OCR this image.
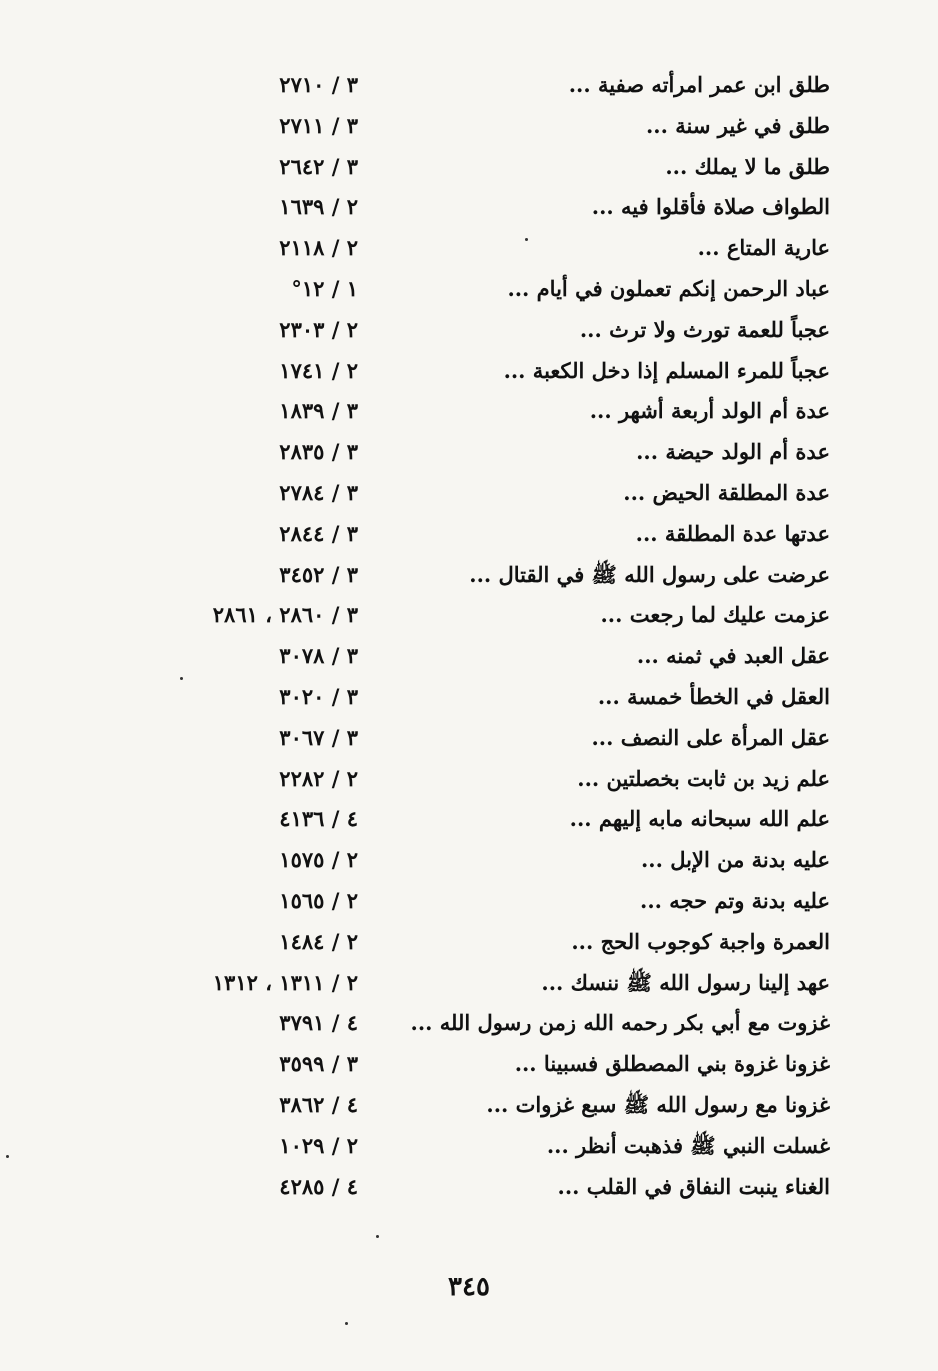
طلق ابن عمر امرأته صفية ...
٣ / ٢٧١٠
طلق في غير سنة ...
٣ / ٢٧١١
طلق ما لا يملك ...
٣ / ٢٦٤٢
الطواف صلاة فأقلوا فيه ...
٢ / ١٦٣٩
عارية المتاع ...
٢ / ٢١١٨
عباد الرحمن إنكم تعملون في أيام ...
١ / ١٢°
عجباً للعمة تورث ولا ترث ...
٢ / ٢٣٠٣
عجباً للمرء المسلم إذا دخل الكعبة ...
٢ / ١٧٤١
عدة أم الولد أربعة أشهر ...
٣ / ١٨٣٩
عدة أم الولد حيضة ...
٣ / ٢٨٣٥
عدة المطلقة الحيض ...
٣ / ٢٧٨٤
عدتها عدة المطلقة ...
٣ / ٢٨٤٤
عرضت على رسول الله ﷺ في القتال ...
٣ / ٣٤٥٢
عزمت عليك لما رجعت ...
٣ / ٢٨٦٠ ، ٢٨٦١
عقل العبد في ثمنه ...
٣ / ٣٠٧٨
العقل في الخطأ خمسة ...
٣ / ٣٠٢٠
عقل المرأة على النصف ...
٣ / ٣٠٦٧
علم زيد بن ثابت بخصلتين ...
٢ / ٢٢٨٢
علم الله سبحانه مابه إليهم ...
٤ / ٤١٣٦
عليه بدنة من الإبل ...
٢ / ١٥٧٥
عليه بدنة وتم حجه ...
٢ / ١٥٦٥
العمرة واجبة كوجوب الحج ...
٢ / ١٤٨٤
عهد إلينا رسول الله ﷺ ننسك ...
٢ / ١٣١١ ، ١٣١٢
غزوت مع أبي بكر رحمه الله زمن رسول الله ...
٤ / ٣٧٩١
غزونا غزوة بني المصطلق فسبينا ...
٣ / ٣٥٩٩
غزونا مع رسول الله ﷺ سبع غزوات ...
٤ / ٣٨٦٢
غسلت النبي ﷺ فذهبت أنظر ...
٢ / ١٠٢٩
الغناء ينبت النفاق في القلب ...
٤ / ٤٢٨٥
٣٤٥
